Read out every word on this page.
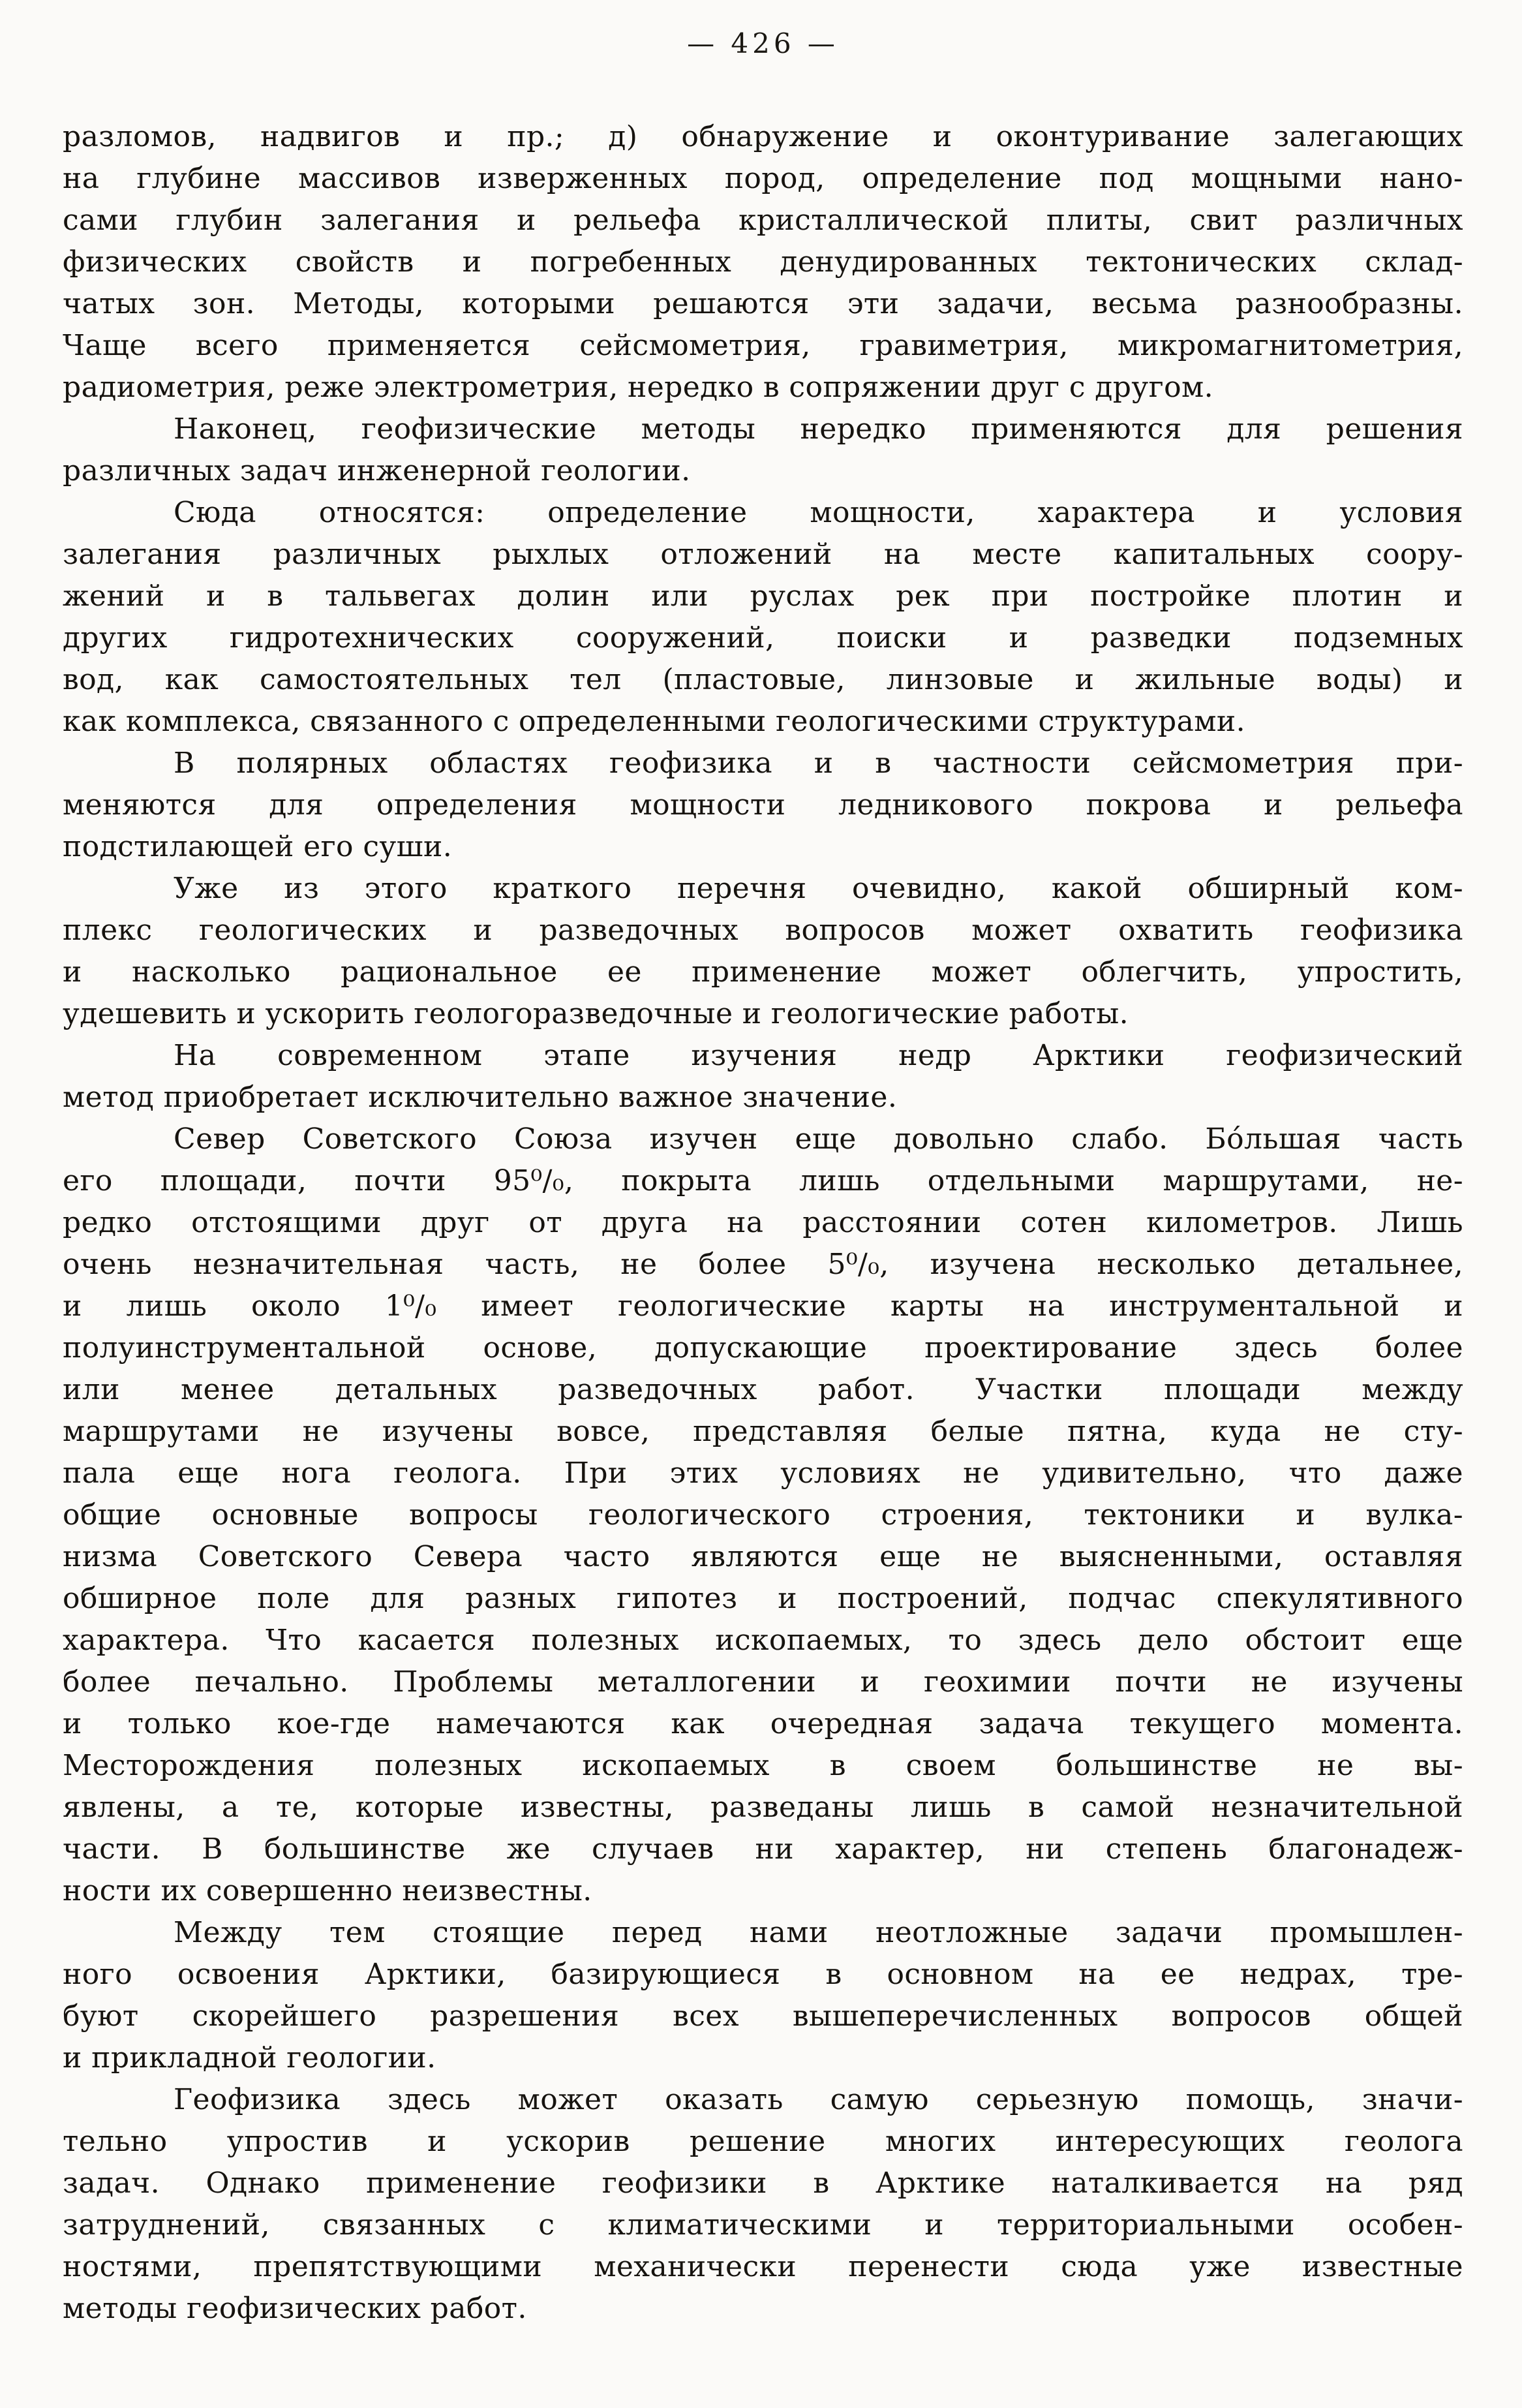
— 426 —
разломов, надвигов и пр.; д) обнаружение и оконтуривание залегающих
на глубине массивов изверженных пород, определение под мощными нано-
сами глубин залегания и рельефа кристаллической плиты, свит различных
физических свойств и погребенных денудированных тектонических склад-
чатых зон. Методы, которыми решаются эти задачи, весьма разнообразны.
Чаще всего применяется сейсмометрия, гравиметрия, микромагнитометрия,
радиометрия, реже электрометрия, нередко в сопряжении друг с другом.
Наконец, геофизические методы нередко применяются для решения
различных задач инженерной геологии.
Сюда относятся: определение мощности, характера и условия
залегания различных рыхлых отложений на месте капитальных соору-
жений и в тальвегах долин или руслах рек при постройке плотин и
других гидротехнических сооружений, поиски и разведки подземных
вод, как самостоятельных тел (пластовые, линзовые и жильные воды) и
как комплекса, связанного с определенными геологическими структурами.
В полярных областях геофизика и в частности сейсмометрия при-
меняются для определения мощности ледникового покрова и рельефа
подстилающей его суши.
Уже из этого краткого перечня очевидно, какой обширный ком-
плекс геологических и разведочных вопросов может охватить геофизика
и насколько рациональное ее применение может облегчить, упростить,
удешевить и ускорить геологоразведочные и геологические работы.
На современном этапе изучения недр Арктики геофизический
метод приобретает исключительно важное значение.
Север Советского Союза изучен еще довольно слабо. Бо́льшая часть
его площади, почти 95⁰/₀, покрыта лишь отдельными маршрутами, не-
редко отстоящими друг от друга на расстоянии сотен километров. Лишь
очень незначительная часть, не более 5⁰/₀, изучена несколько детальнее,
и лишь около 1⁰/₀ имеет геологические карты на инструментальной и
полуинструментальной основе, допускающие проектирование здесь более
или менее детальных разведочных работ. Участки площади между
маршрутами не изучены вовсе, представляя белые пятна, куда не сту-
пала еще нога геолога. При этих условиях не удивительно, что даже
общие основные вопросы геологического строения, тектоники и вулка-
низма Советского Севера часто являются еще не выясненными, оставляя
обширное поле для разных гипотез и построений, подчас спекулятивного
характера. Что касается полезных ископаемых, то здесь дело обстоит еще
более печально. Проблемы металлогении и геохимии почти не изучены
и только кое-где намечаются как очередная задача текущего момента.
Месторождения полезных ископаемых в своем большинстве не вы-
явлены, а те, которые известны, разведаны лишь в самой незначительной
части. В большинстве же случаев ни характер, ни степень благонадеж-
ности их совершенно неизвестны.
Между тем стоящие перед нами неотложные задачи промышлен-
ного освоения Арктики, базирующиеся в основном на ее недрах, тре-
буют скорейшего разрешения всех вышеперечисленных вопросов общей
и прикладной геологии.
Геофизика здесь может оказать самую серьезную помощь, значи-
тельно упростив и ускорив решение многих интересующих геолога
задач. Однако применение геофизики в Арктике наталкивается на ряд
затруднений, связанных с климатическими и территориальными особен-
ностями, препятствующими механически перенести сюда уже известные
методы геофизических работ.
